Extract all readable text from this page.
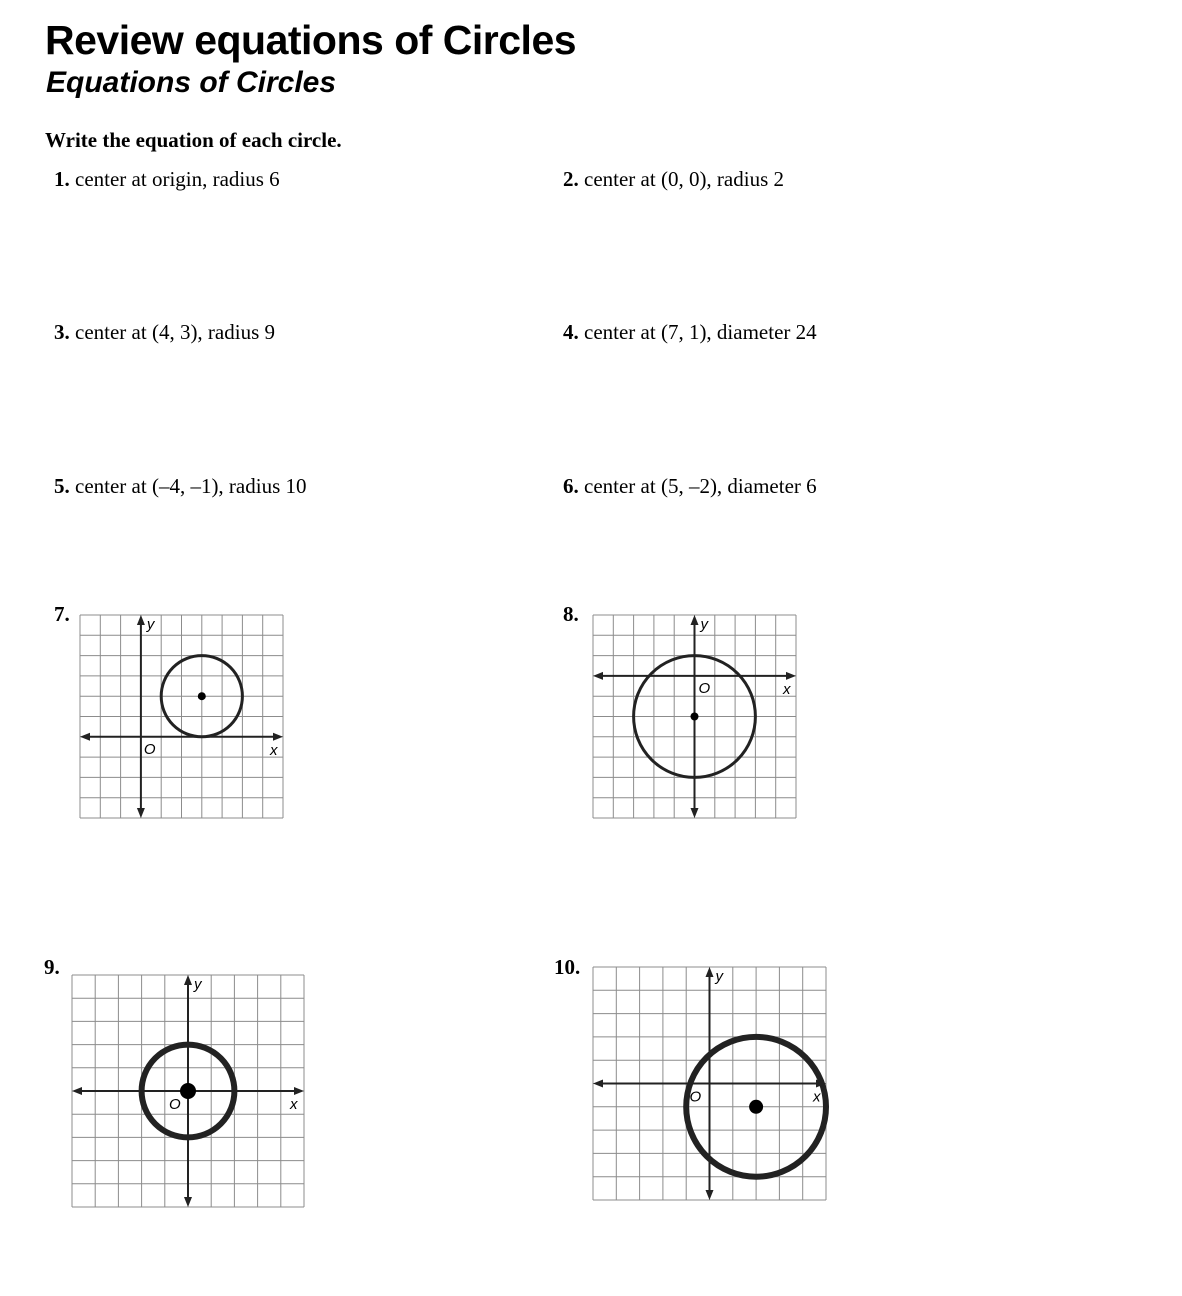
Review equations of Circles
Equations of Circles
Write the equation of each circle.
1. center at origin, radius 6	2. center at (0, 0), radius 2
3. center at (4, 3), radius 9	4. center at (7, 1), diameter 24
5. center at (–4, –1), radius 10	6. center at (5, –2), diameter 6
7.	y
x
O
8.	y
x
O
9.
y
x
O
10.	y
x
O
